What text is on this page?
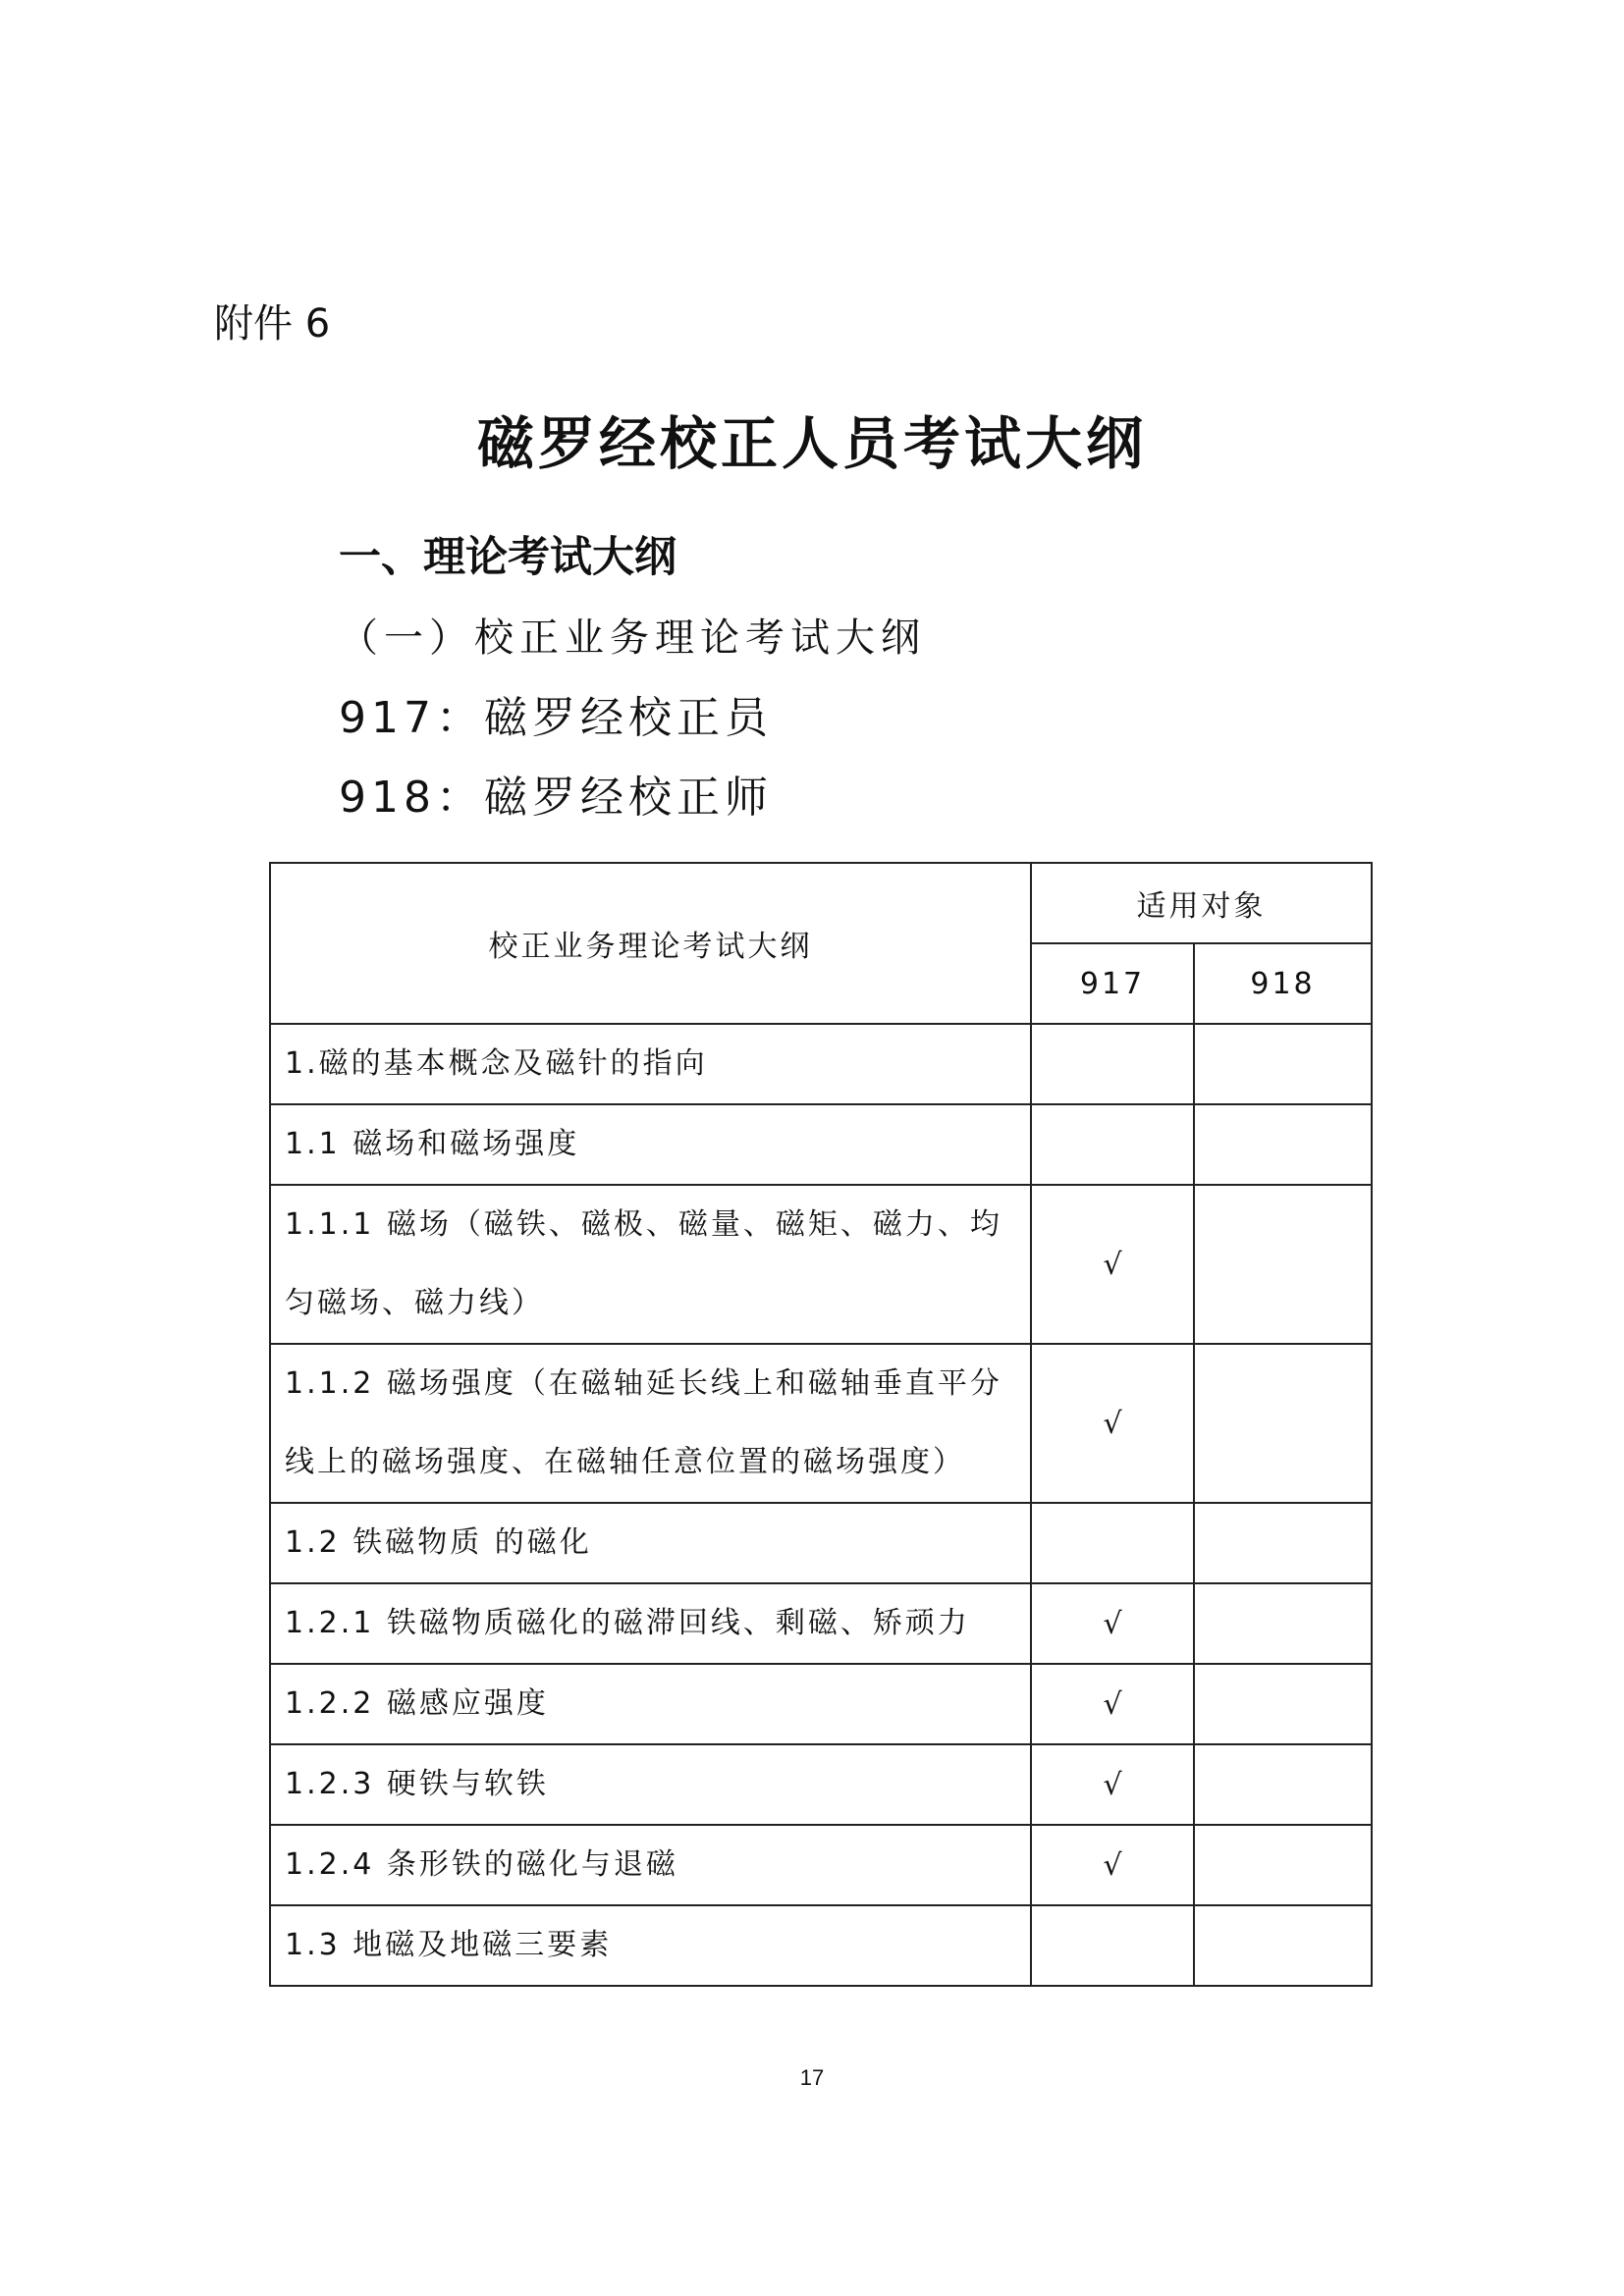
附件 6
磁罗经校正人员考试大纲
一、理论考试大纲
（一）校正业务理论考试大纲
917：磁罗经校正员
918：磁罗经校正师
校正业务理论考试大纲	适用对象	
	917	918
1.磁的基本概念及磁针的指向		
1.1 磁场和磁场强度		
1.1.1 磁场（磁铁、磁极、磁量、磁矩、磁力、均匀磁场、磁力线）	√	
1.1.2 磁场强度（在磁轴延长线上和磁轴垂直平分线上的磁场强度、在磁轴任意位置的磁场强度）	√	
1.2 铁磁物质 的磁化		
1.2.1 铁磁物质磁化的磁滞回线、剩磁、矫顽力	√	
1.2.2 磁感应强度	√	
1.2.3 硬铁与软铁	√	
1.2.4 条形铁的磁化与退磁	√	
1.3 地磁及地磁三要素		
17
